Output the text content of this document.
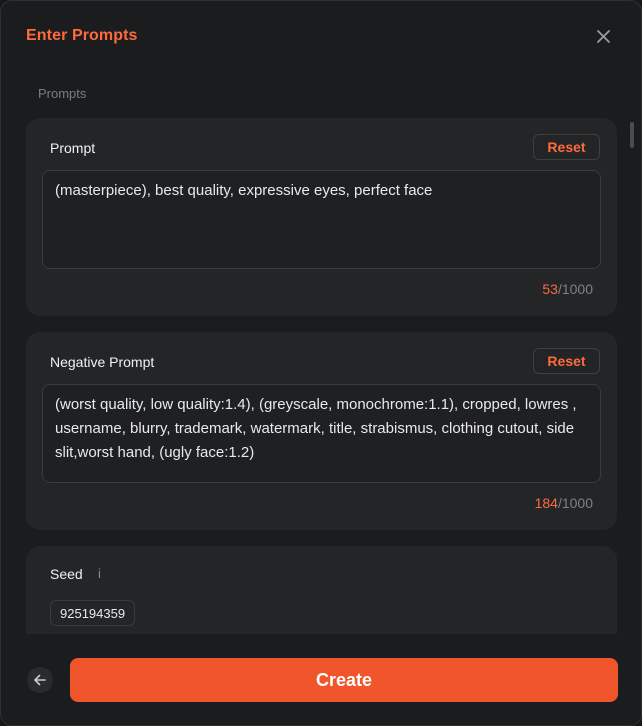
Enter Prompts
Prompts
Prompt	Reset
(masterpiece), best quality, expressive eyes, perfect face
53/1000
Negative Prompt	Reset
(worst quality, low quality:1.4), (greyscale, monochrome:1.1), cropped, lowres , username, blurry, trademark, watermark, title, strabismus, clothing cutout, side slit,worst hand, (ugly face:1.2)
184/1000
Seed i
925194359
Create
